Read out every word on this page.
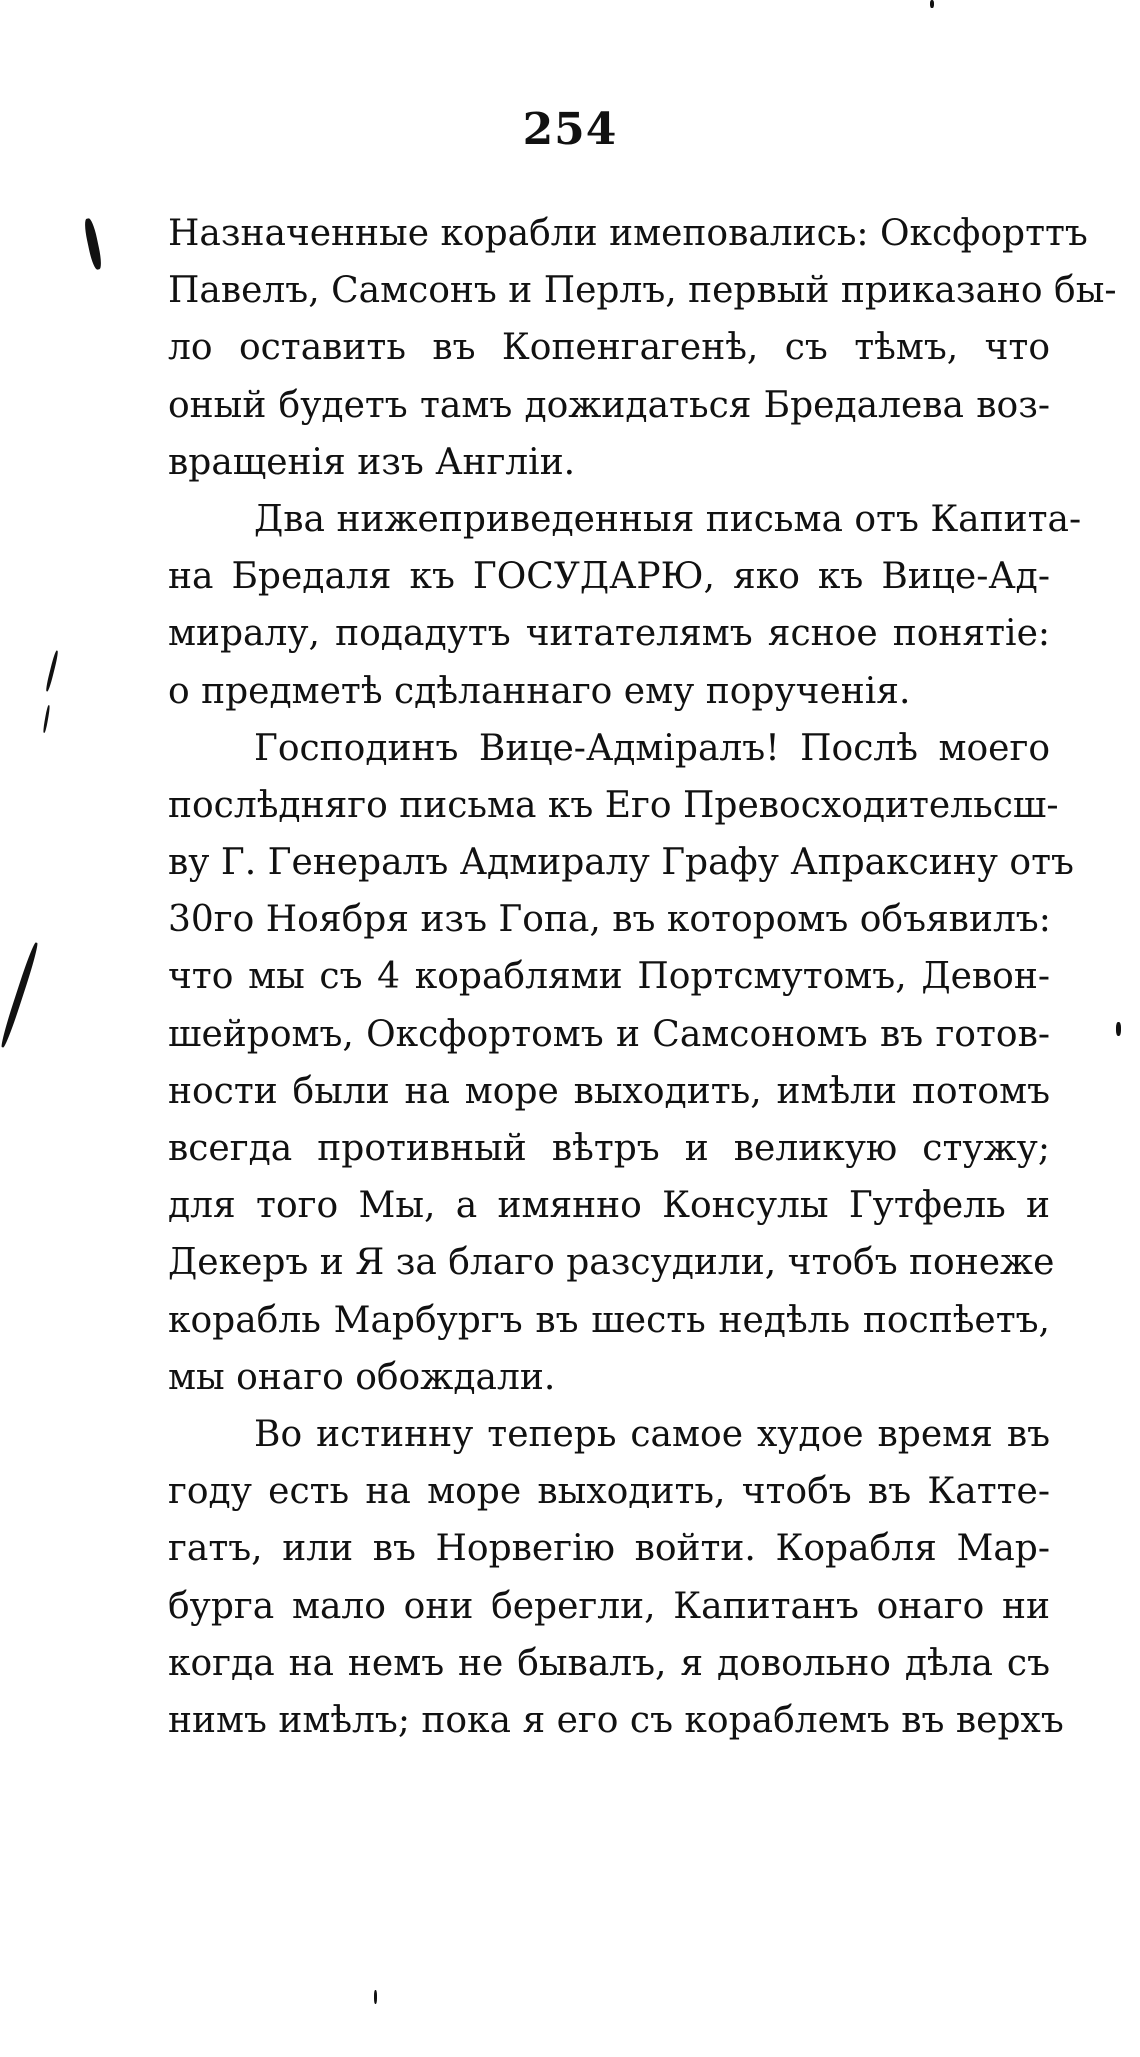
254
Назначенные корабли имеповались: Оксфорттъ
Павелъ, Самсонъ и Перлъ, первый приказано бы-
ло оставить въ Копенгагенѣ, съ тѣмъ, что
оный будетъ тамъ дожидаться Бредалева воз-
вращенія изъ Англіи.
Два нижеприведенныя письма отъ Капита-
на Бредаля къ ГОСУДАРЮ, яко къ Вице-Ад-
миралу, подадутъ читателямъ ясное понятіе:
о предметѣ сдѣланнаго ему порученія.
Господинъ Вице-Адміралъ! Послѣ моего
послѣдняго письма къ Его Превосходительсш-
ву Г. Генералъ Адмиралу Графу Апраксину отъ
30го Ноября изъ Гопа, въ которомъ объявилъ:
что мы съ 4 кораблями Портсмутомъ, Девон-
шейромъ, Оксфортомъ и Самсономъ въ готов-
ности были на море выходить, имѣли потомъ
всегда противный вѣтръ и великую стужу;
для того Мы, а имянно Консулы Гутфель и
Декеръ и Я за благо разсудили, чтобъ понеже
корабль Марбургъ въ шесть недѣль поспѣетъ,
мы онаго обождали.
Во истинну теперь самое худое время въ
году есть на море выходить, чтобъ въ Катте-
гатъ, или въ Норвегію войти. Корабля Мар-
бурга мало они берегли, Капитанъ онаго ни
когда на немъ не бывалъ, я довольно дѣла съ
нимъ имѣлъ; пока я его съ кораблемъ въ верхъ
